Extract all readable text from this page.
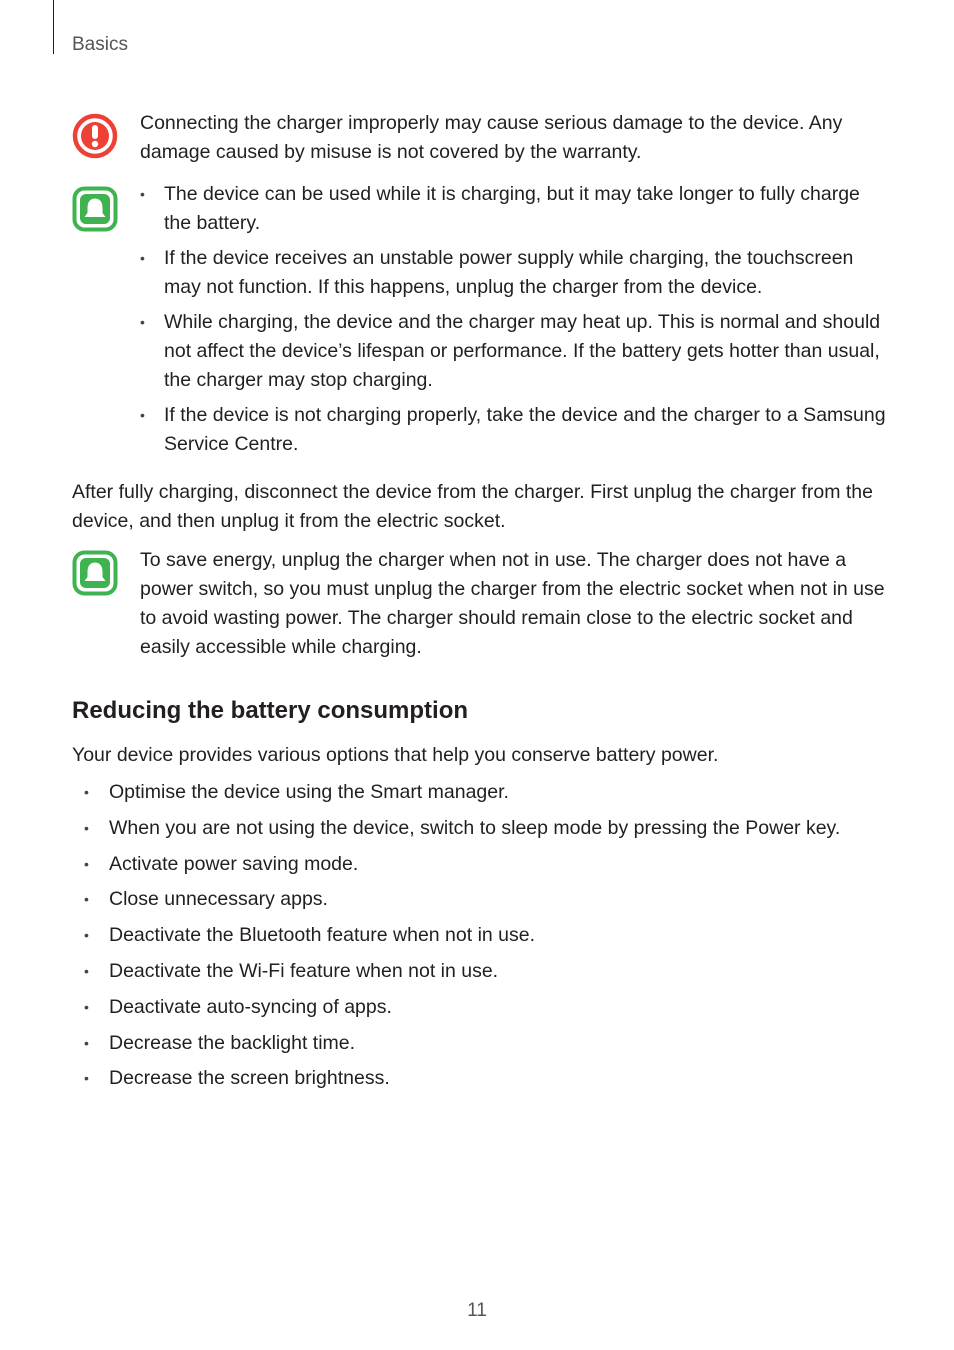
Basics

Connecting the charger improperly may cause serious damage to the device. Any damage caused by misuse is not covered by the warranty.

• The device can be used while it is charging, but it may take longer to fully charge the battery.
• If the device receives an unstable power supply while charging, the touchscreen may not function. If this happens, unplug the charger from the device.
• While charging, the device and the charger may heat up. This is normal and should not affect the device’s lifespan or performance. If the battery gets hotter than usual, the charger may stop charging.
• If the device is not charging properly, take the device and the charger to a Samsung Service Centre.

After fully charging, disconnect the device from the charger. First unplug the charger from the device, and then unplug it from the electric socket.

To save energy, unplug the charger when not in use. The charger does not have a power switch, so you must unplug the charger from the electric socket when not in use to avoid wasting power. The charger should remain close to the electric socket and easily accessible while charging.

Reducing the battery consumption

Your device provides various options that help you conserve battery power.

• Optimise the device using the Smart manager.
• When you are not using the device, switch to sleep mode by pressing the Power key.
• Activate power saving mode.
• Close unnecessary apps.
• Deactivate the Bluetooth feature when not in use.
• Deactivate the Wi-Fi feature when not in use.
• Deactivate auto-syncing of apps.
• Decrease the backlight time.
• Decrease the screen brightness.
11
